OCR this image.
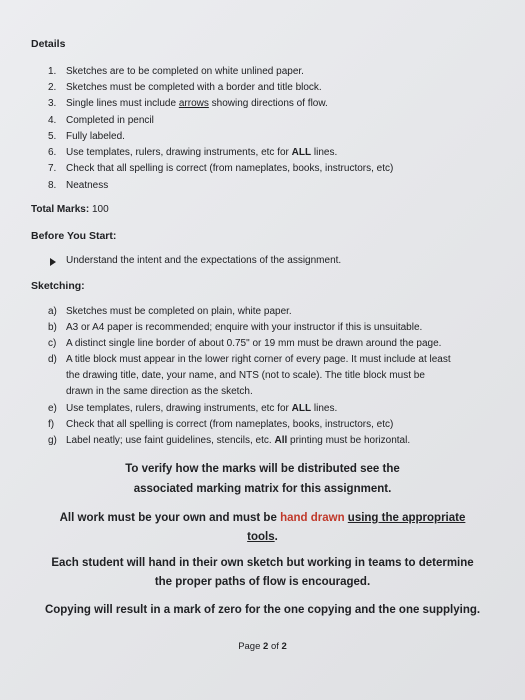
Details
1. Sketches are to be completed on white unlined paper.
2. Sketches must be completed with a border and title block.
3. Single lines must include arrows showing directions of flow.
4. Completed in pencil
5. Fully labeled.
6. Use templates, rulers, drawing instruments, etc for ALL lines.
7. Check that all spelling is correct (from nameplates, books, instructors, etc)
8. Neatness
Total Marks: 100
Before You Start:
Understand the intent and the expectations of the assignment.
Sketching:
a) Sketches must be completed on plain, white paper.
b) A3 or A4 paper is recommended; enquire with your instructor if this is unsuitable.
c) A distinct single line border of about 0.75" or 19 mm must be drawn around the page.
d) A title block must appear in the lower right corner of every page. It must include at least
the drawing title, date, your name, and NTS (not to scale). The title block must be
drawn in the same direction as the sketch.
e) Use templates, rulers, drawing instruments, etc for ALL lines.
f) Check that all spelling is correct (from nameplates, books, instructors, etc)
g) Label neatly; use faint guidelines, stencils, etc. All printing must be horizontal.
To verify how the marks will be distributed see the
associated marking matrix for this assignment.
All work must be your own and must be hand drawn using the appropriate
tools.
Each student will hand in their own sketch but working in teams to determine
the proper paths of flow is encouraged.
Copying will result in a mark of zero for the one copying and the one supplying.
Page 2 of 2
